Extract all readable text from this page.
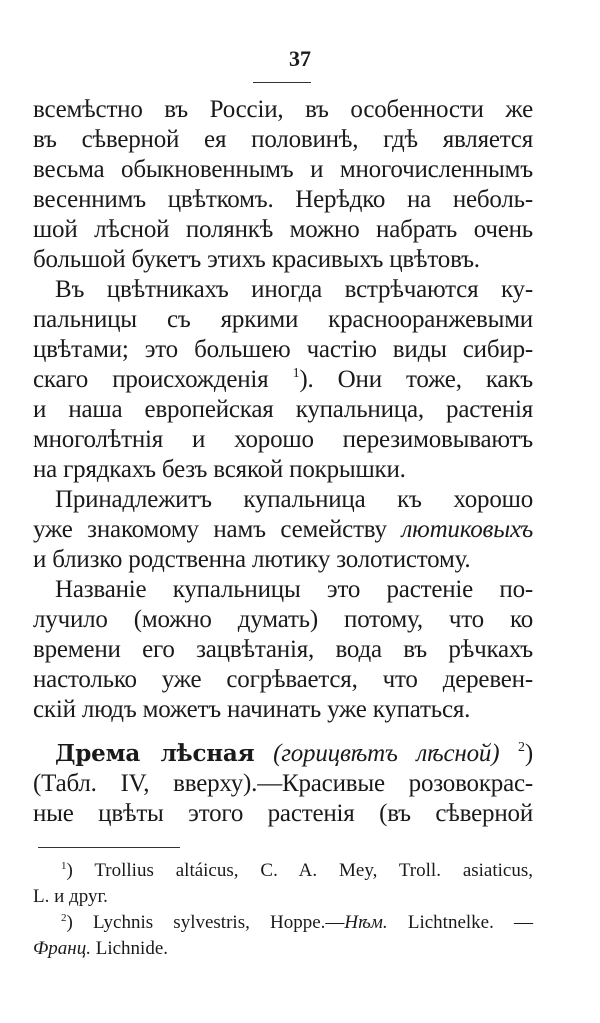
37
всемѣстно въ Россіи, въ особенности же
въ сѣверной ея половинѣ, гдѣ является
весьма обыкновеннымъ и многочисленнымъ
весеннимъ цвѣткомъ. Нерѣдко на неболь-
шой лѣсной полянкѣ можно набрать очень
большой букетъ этихъ красивыхъ цвѣтовъ.
Въ цвѣтникахъ иногда встрѣчаются ку-
пальницы съ яркими краснооранжевыми
цвѣтами; это большею частію виды сибир-
скаго происхожденія $^1$). Они тоже, какъ
и наша европейская купальница, растенія
многолѣтнія и хорошо перезимовываютъ
на грядкахъ безъ всякой покрышки.
Принадлежитъ купальница къ хорошо
уже знакомому намъ семейству лютиковыхъ
и близко родственна лютику золотистому.
Названіе купальницы это растеніе по-
лучило (можно думать) потому, что ко
времени его зацвѣтанія, вода въ рѣчкахъ
настолько уже согрѣвается, что деревен-
скій людъ можетъ начинать уже купаться.
Дрема лѣсная (горицвѣтъ лѣсной) $^2$)
(Табл. IV, вверху).—Красивые розовокрас-
ные цвѣты этого растенія (въ сѣверной
$^1$) Trollius altáicus, C. A. Mey, Troll. asiaticus,
L. и друг.
$^2$) Lychnis sylvestris, Hoppe.—Нѣм. Lichtnelke. —
Франц. Lichnide.
